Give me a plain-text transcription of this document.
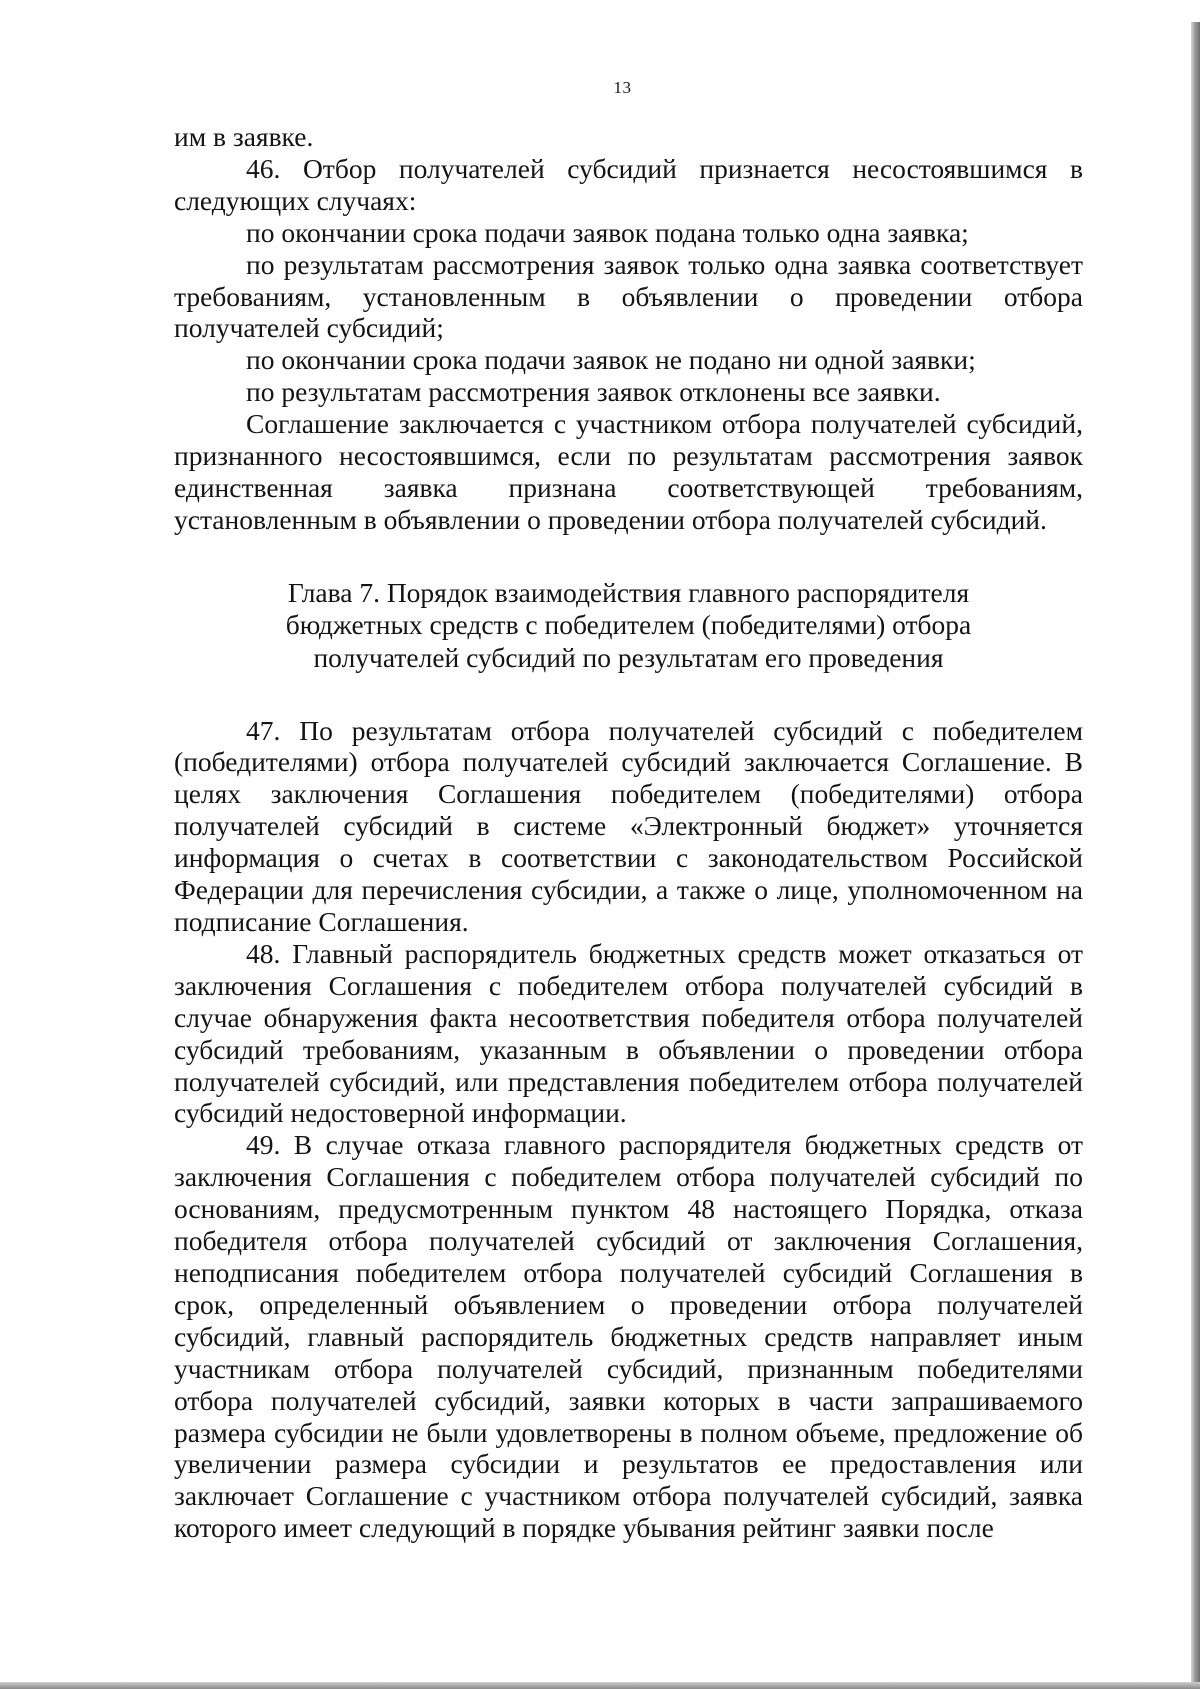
13

им в заявке.

46. Отбор получателей субсидий признается несостоявшимся в следующих случаях:

по окончании срока подачи заявок подана только одна заявка;

по результатам рассмотрения заявок только одна заявка соответствует требованиям, установленным в объявлении о проведении отбора получателей субсидий;

по окончании срока подачи заявок не подано ни одной заявки;

по результатам рассмотрения заявок отклонены все заявки.

Соглашение заключается с участником отбора получателей субсидий, признанного несостоявшимся, если по результатам рассмотрения заявок единственная заявка признана соответствующей требованиям, установленным в объявлении о проведении отбора получателей субсидий.

Глава 7. Порядок взаимодействия главного распорядителя
бюджетных средств с победителем (победителями) отбора
получателей субсидий по результатам его проведения

47. По результатам отбора получателей субсидий с победителем (победителями) отбора получателей субсидий заключается Соглашение. В целях заключения Соглашения победителем (победителями) отбора получателей субсидий в системе «Электронный бюджет» уточняется информация о счетах в соответствии с законодательством Российской Федерации для перечисления субсидии, а также о лице, уполномоченном на подписание Соглашения.

48. Главный распорядитель бюджетных средств может отказаться от заключения Соглашения с победителем отбора получателей субсидий в случае обнаружения факта несоответствия победителя отбора получателей субсидий требованиям, указанным в объявлении о проведении отбора получателей субсидий, или представления победителем отбора получателей субсидий недостоверной информации.

49. В случае отказа главного распорядителя бюджетных средств от заключения Соглашения с победителем отбора получателей субсидий по основаниям, предусмотренным пунктом 48 настоящего Порядка, отказа победителя отбора получателей субсидий от заключения Соглашения, неподписания победителем отбора получателей субсидий Соглашения в срок, определенный объявлением о проведении отбора получателей субсидий, главный распорядитель бюджетных средств направляет иным участникам отбора получателей субсидий, признанным победителями отбора получателей субсидий, заявки которых в части запрашиваемого размера субсидии не были удовлетворены в полном объеме, предложение об увеличении размера субсидии и результатов ее предоставления или заключает Соглашение с участником отбора получателей субсидий, заявка которого имеет следующий в порядке убывания рейтинг заявки после
